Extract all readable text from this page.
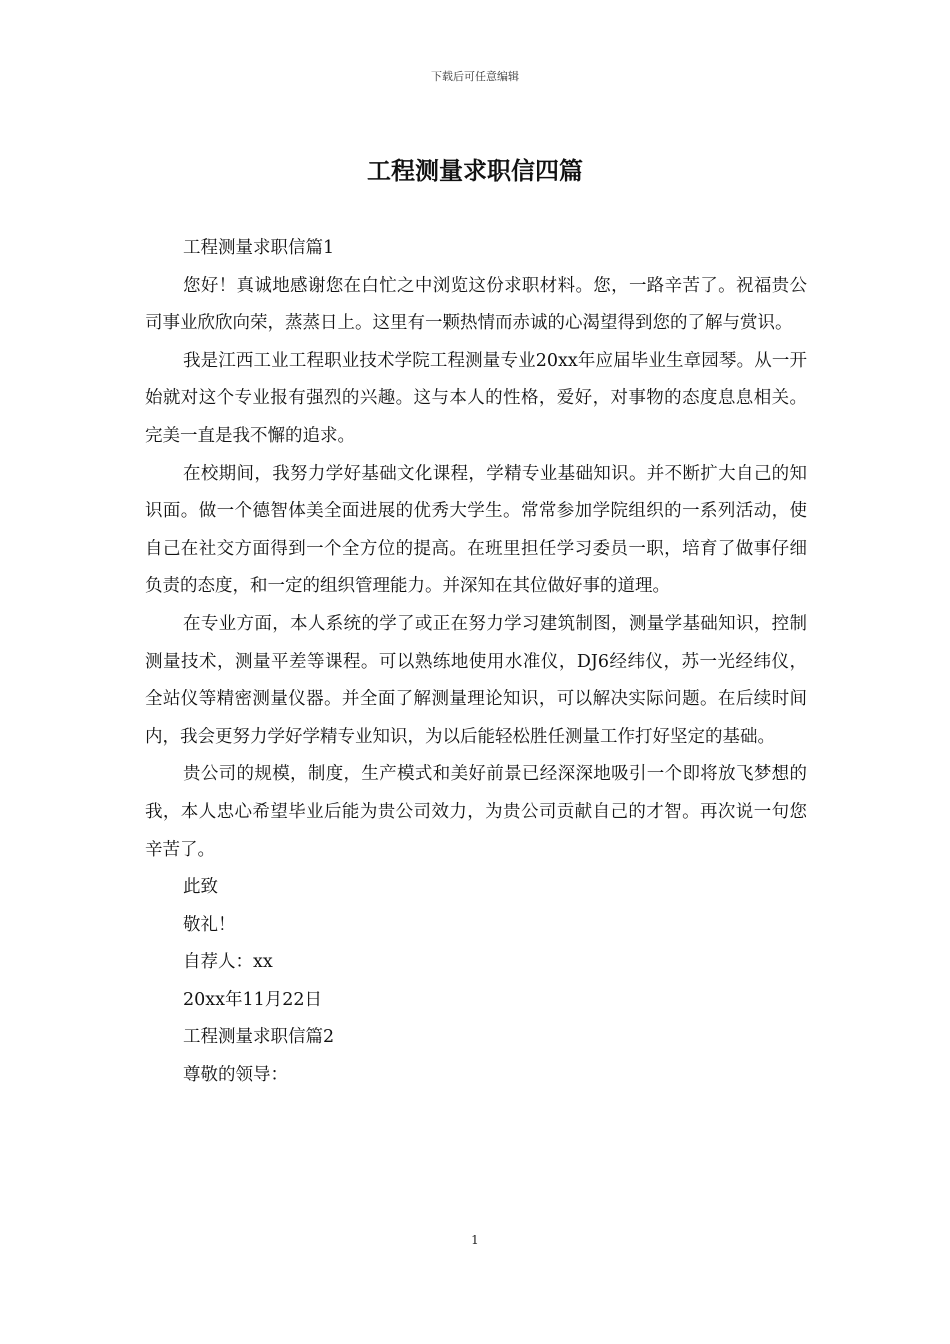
下载后可任意编辑
工程测量求职信四篇

工程测量求职信篇1

您好！真诚地感谢您在白忙之中浏览这份求职材料。您，一路辛苦了。祝福贵公司事业欣欣向荣，蒸蒸日上。这里有一颗热情而赤诚的心渴望得到您的了解与赏识。

我是江西工业工程职业技术学院工程测量专业20xx年应届毕业生章园琴。从一开始就对这个专业报有强烈的兴趣。这与本人的性格，爱好，对事物的态度息息相关。完美一直是我不懈的追求。

在校期间，我努力学好基础文化课程，学精专业基础知识。并不断扩大自己的知识面。做一个德智体美全面进展的优秀大学生。常常参加学院组织的一系列活动，使自己在社交方面得到一个全方位的提高。在班里担任学习委员一职，培育了做事仔细负责的态度，和一定的组织管理能力。并深知在其位做好事的道理。

在专业方面，本人系统的学了或正在努力学习建筑制图，测量学基础知识，控制测量技术，测量平差等课程。可以熟练地使用水准仪，DJ6经纬仪，苏一光经纬仪，全站仪等精密测量仪器。并全面了解测量理论知识，可以解决实际问题。在后续时间内，我会更努力学好学精专业知识，为以后能轻松胜任测量工作打好坚定的基础。

贵公司的规模，制度，生产模式和美好前景已经深深地吸引一个即将放飞梦想的我，本人忠心希望毕业后能为贵公司效力，为贵公司贡献自己的才智。再次说一句您辛苦了。

此致

敬礼！

自荐人：xx

20xx年11月22日

工程测量求职信篇2

尊敬的领导：

1
